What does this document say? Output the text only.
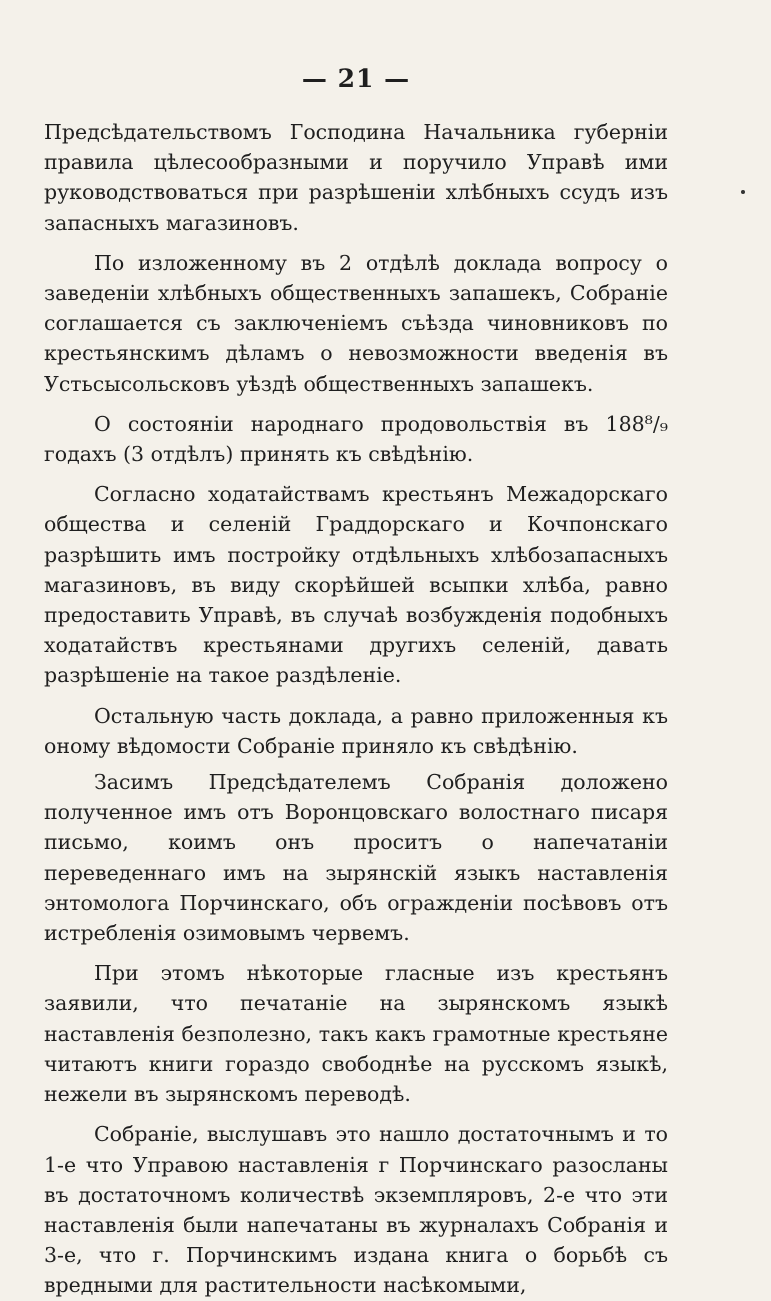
— 21 —

Предсѣдательствомъ Господина Начальника губерніи правила цѣлесообразными и поручило Управѣ ими руководствоваться при разрѣшеніи хлѣбныхъ ссудъ изъ запасныхъ магазиновъ.

По изложенному въ 2 отдѣлѣ доклада вопросу о заведеніи хлѣбныхъ общественныхъ запашекъ, Собраніе соглашается съ заключеніемъ съѣзда чиновниковъ по крестьянскимъ дѣламъ о невозможности введенія въ Устьсысольсковъ уѣздѣ общественныхъ запашекъ.

О состояніи народнаго продовольствія въ 188⁸/₉ годахъ (3 отдѣлъ) принять къ свѣдѣнію.

Согласно ходатайствамъ крестьянъ Межадорскаго общества и селеній Граддорскаго и Кочпонскаго разрѣшить имъ постройку отдѣльныхъ хлѣбозапасныхъ магазиновъ, въ виду скорѣйшей всыпки хлѣба, равно предоставить Управѣ, въ случаѣ возбужденія подобныхъ ходатайствъ крестьянами другихъ селеній, давать разрѣшеніе на такое раздѣленіе.

Остальную часть доклада, а равно приложенныя къ оному вѣдомости Собраніе приняло къ свѣдѣнію.

Засимъ Предсѣдателемъ Собранія доложено полученное имъ отъ Воронцовскаго волостнаго писаря письмо, коимъ онъ проситъ о напечатаніи переведеннаго имъ на зырянскій языкъ наставленія энтомолога Порчинскаго, объ огражденіи посѣвовъ отъ истребленія озимовымъ червемъ.

При этомъ нѣкоторые гласные изъ крестьянъ заявили, что печатаніе на зырянскомъ языкѣ наставленія безполезно, такъ какъ грамотные крестьяне читаютъ книги гораздо свободнѣе на русскомъ языкѣ, нежели въ зырянскомъ переводѣ.

Собраніе, выслушавъ это нашло достаточнымъ и то 1-е что Управою наставленія г Порчинскаго разосланы въ достаточномъ количествѣ экземпляровъ, 2-е что эти наставленія были напечатаны въ журналахъ Собранія и 3-е, что г. Порчинскимъ издана книга о борьбѣ съ вредными для растительности насѣкомыми,
